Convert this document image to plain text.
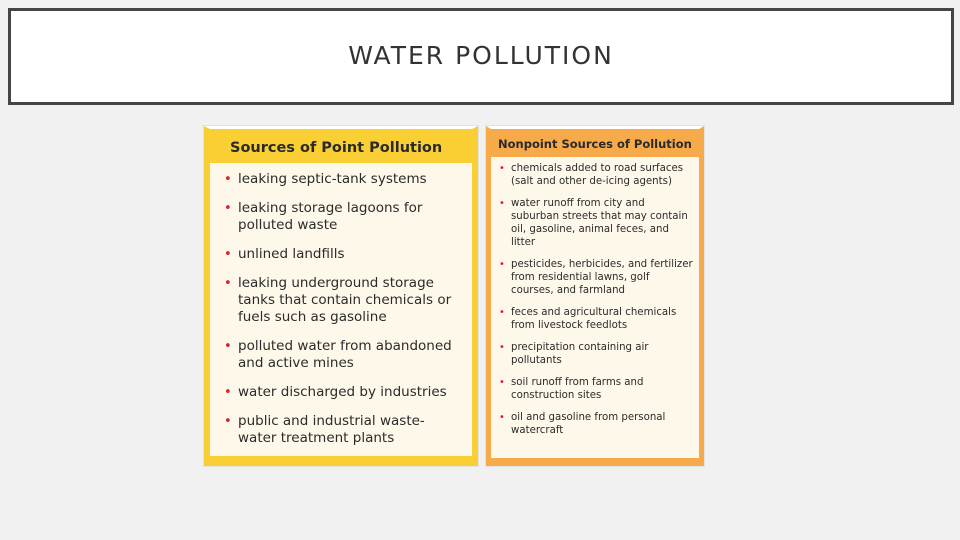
WATER POLLUTION
Sources of Point Pollution
• leaking septic-tank systems
• leaking storage lagoons for polluted waste
• unlined landfills
• leaking underground storage tanks that contain chemicals or fuels such as gasoline
• polluted water from abandoned and active mines
• water discharged by industries
• public and industrial waste-water treatment plants
Nonpoint Sources of Pollution
• chemicals added to road surfaces (salt and other de-icing agents)
• water runoff from city and suburban streets that may contain oil, gasoline, animal feces, and litter
• pesticides, herbicides, and fertilizer from residential lawns, golf courses, and farmland
• feces and agricultural chemicals from livestock feedlots
• precipitation containing air pollutants
• soil runoff from farms and construction sites
• oil and gasoline from personal watercraft
